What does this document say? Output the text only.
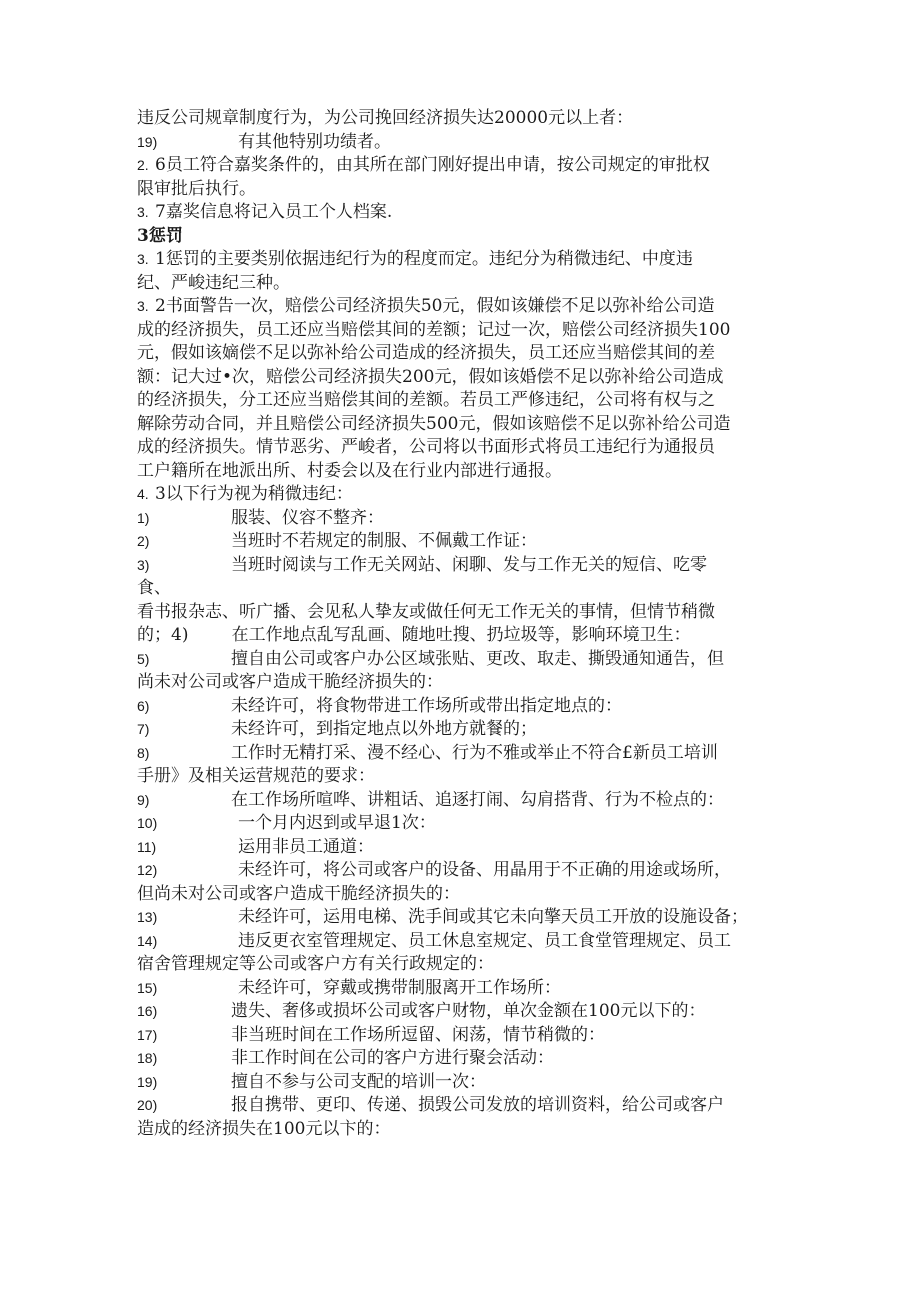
违反公司规章制度行为，为公司挽回经济损失达20000元以上者：
19)	有其他特别功绩者。
2. 6员工符合嘉奖条件的，由其所在部门刚好提出申请，按公司规定的审批权
限审批后执行。
3. 7嘉奖信息将记入员工个人档案.
3惩罚
3. 1惩罚的主要类别依据违纪行为的程度而定。违纪分为稍微违纪、中度违
纪、严峻违纪三种。
3. 2书面警告一次，赔偿公司经济损失50元，假如该嫌偿不足以弥补给公司造
成的经济损失，员工还应当赔偿其间的差额；记过一次，赔偿公司经济损失100
元，假如该嫡偿不足以弥补给公司造成的经济损失，员工还应当赔偿其间的差
额：记大过•次，赔偿公司经济损失200元，假如该婚偿不足以弥补给公司造成
的经济损失，分工还应当赔偿其间的差额。若员工严修违纪，公司将有权与之
解除劳动合同，并且赔偿公司经济损失500元，假如该赔偿不足以弥补给公司造
成的经济损失。情节恶劣、严峻者，公司将以书面形式将员工违纪行为通报员
工户籍所在地派出所、村委会以及在行业内部进行通报。
4. 3以下行为视为稍微违纪：
1)	服装、仪容不整齐：
2)	当班时不若规定的制服、不佩戴工作证：
3)	当班时阅读与工作无关网站、闲聊、发与工作无关的短信、吃零
食、
看书报杂志、听广播、会见私人挚友或做任何无工作无关的事情，但情节稍微
的；4)        在工作地点乱写乱画、随地吐搜、扔垃圾等，影响环境卫生：
5)	擅自由公司或客户办公区域张贴、更改、取走、撕毁通知通告，但
尚未对公司或客户造成干脆经济损失的：
6)	未经许可，将食物带进工作场所或带出指定地点的：
7)	未经许可，到指定地点以外地方就餐的；
8)	工作时无精打采、漫不经心、行为不雅或举止不符合£新员工培训
手册》及相关运营规范的要求：
9)	在工作场所喧哗、讲粗话、追逐打闹、勾肩搭背、行为不检点的：
10)	一个月内迟到或早退1次：
11)	运用非员工通道：
12)	未经许可，将公司或客户的设备、用晶用于不正确的用途或场所，
但尚未对公司或客户造成干脆经济损失的：
13)	未经许可，运用电梯、洗手间或其它未向擎天员工开放的设施设备；
14)	违反更衣室管理规定、员工休息室规定、员工食堂管理规定、员工
宿舍管理规定等公司或客户方有关行政规定的：
15)	未经许可，穿戴或携带制服离开工作场所：
16)	遗失、奢侈或损坏公司或客户财物，单次金额在100元以下的：
17)	非当班时间在工作场所逗留、闲荡，情节稍微的：
18)	非工作时间在公司的客户方进行聚会活动：
19)	擅自不参与公司支配的培训一次：
20)	报自携带、更印、传递、损毁公司发放的培训资料，给公司或客户
造成的经济损失在100元以卞的：
